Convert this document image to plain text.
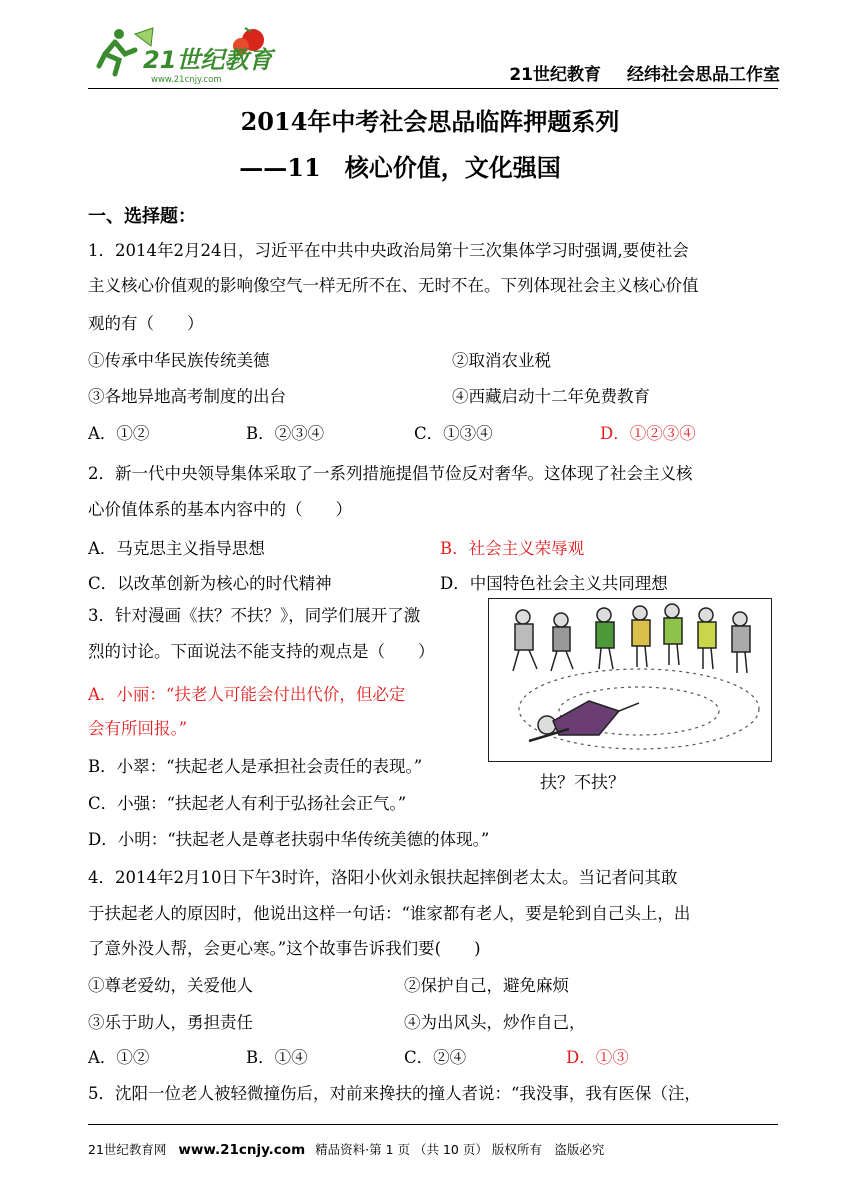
21世纪教育
www.21cnjy.com	21世纪教育 经纬社会思品工作室
2014年中考社会思品临阵押题系列
——11　核心价值，文化强国
一、选择题：
1．2014年2月24日，习近平在中共中央政治局第十三次集体学习时强调,要使社会
主义核心价值观的影响像空气一样无所不在、无时不在。下列体现社会主义核心价值
观的有（　　）
①传承中华民族传统美德	②取消农业税
③各地异地高考制度的出台	④西藏启动十二年免费教育
A．①②	B．②③④	C．①③④	D．①②③④
2．新一代中央领导集体采取了一系列措施提倡节俭反对奢华。这体现了社会主义核
心价值体系的基本内容中的（　　）
A．马克思主义指导思想	B．社会主义荣辱观
C．以改革创新为核心的时代精神	D．中国特色社会主义共同理想
3．针对漫画《扶？不扶？》，同学们展开了激
烈的讨论。下面说法不能支持的观点是（　　）
A．小丽：“扶老人可能会付出代价，但必定
会有所回报。”
B．小翠：“扶起老人是承担社会责任的表现。”
C．小强：“扶起老人有利于弘扬社会正气。”
D．小明：“扶起老人是尊老扶弱中华传统美德的体现。”
扶？不扶？
4．2014年2月10日下午3时许，洛阳小伙刘永银扶起摔倒老太太。当记者问其敢
于扶起老人的原因时，他说出这样一句话：“谁家都有老人，要是轮到自己头上，出
了意外没人帮，会更心寒。”这个故事告诉我们要(　　)
①尊老爱幼，关爱他人	②保护自己，避免麻烦
③乐于助人，勇担责任	④为出风头，炒作自己，
A．①②	B．①④	C．②④	D．①③
5．沈阳一位老人被轻微撞伤后，对前来搀扶的撞人者说：“我没事，我有医保（注，
21世纪教育网 www.21cnjy.com 精品资料·第 1 页 （共 10 页） 版权所有　盗版必究
